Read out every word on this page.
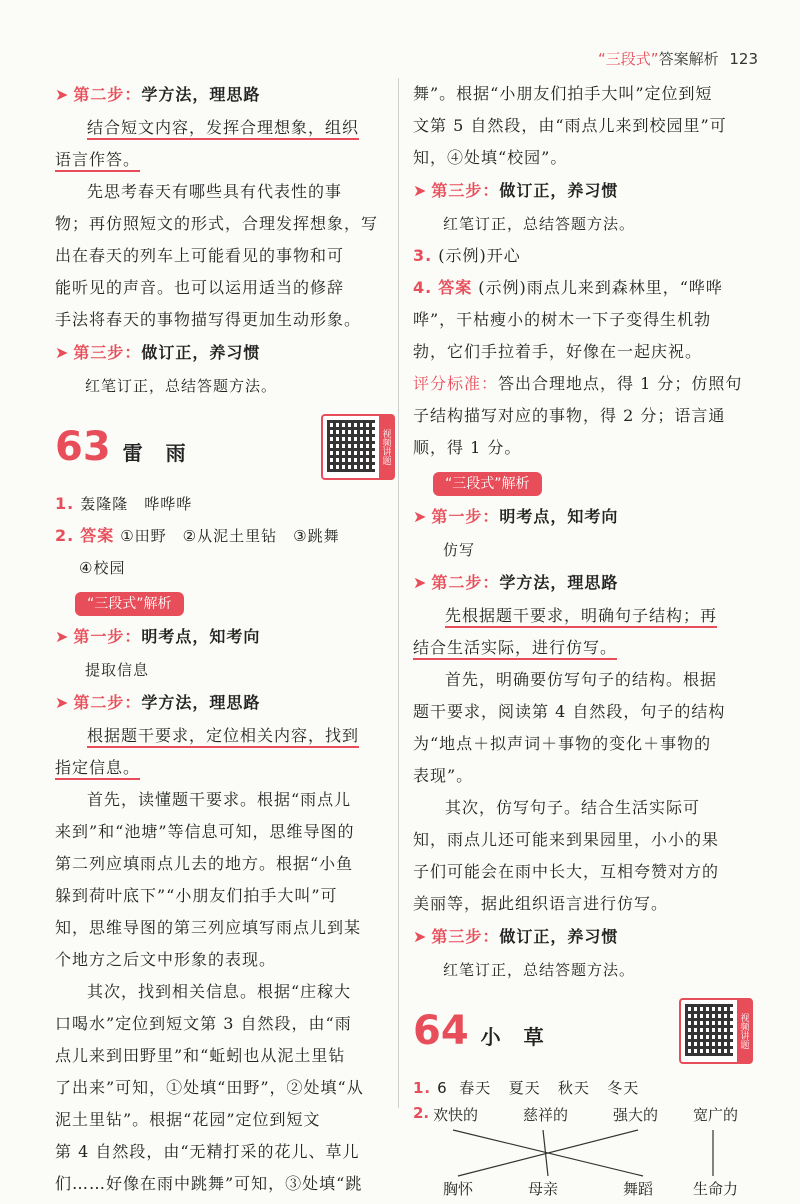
“三段式”答案解析 123
➤ 第二步：学方法，理思路
结合短文内容，发挥合理想象，组织
语言作答。
先思考春天有哪些具有代表性的事
物；再仿照短文的形式，合理发挥想象，写
出在春天的列车上可能看见的事物和可
能听见的声音。也可以运用适当的修辞
手法将春天的事物描写得更加生动形象。
➤ 第三步：做订正，养习惯
红笔订正，总结答题方法。
63 雷 雨	视频讲题
1. 轰隆隆　哗哗哗
2. 答案 ①田野　②从泥土里钻　③跳舞
④校园
“三段式”解析
➤ 第一步：明考点，知考向
提取信息
➤ 第二步：学方法，理思路
根据题干要求，定位相关内容，找到
指定信息。
首先，读懂题干要求。根据“雨点儿
来到”和“池塘”等信息可知，思维导图的
第二列应填雨点儿去的地方。根据“小鱼
躲到荷叶底下”“小朋友们拍手大叫”可
知，思维导图的第三列应填写雨点儿到某
个地方之后文中形象的表现。
其次，找到相关信息。根据“庄稼大
口喝水”定位到短文第 3 自然段，由“雨
点儿来到田野里”和“蚯蚓也从泥土里钻
了出来”可知，①处填“田野”，②处填“从
泥土里钻”。根据“花园”定位到短文
第 4 自然段，由“无精打采的花儿、草儿
们……好像在雨中跳舞”可知，③处填“跳
舞”。根据“小朋友们拍手大叫”定位到短
文第 5 自然段，由“雨点儿来到校园里”可
知，④处填“校园”。
➤ 第三步：做订正，养习惯
红笔订正，总结答题方法。
3. (示例)开心
4. 答案 (示例)雨点儿来到森林里，“哗哗
哗”，干枯瘦小的树木一下子变得生机勃
勃，它们手拉着手，好像在一起庆祝。
评分标准：答出合理地点，得 1 分；仿照句
子结构描写对应的事物，得 2 分；语言通
顺，得 1 分。
“三段式”解析
➤ 第一步：明考点，知考向
仿写
➤ 第二步：学方法，理思路
先根据题干要求，明确句子结构；再
结合生活实际，进行仿写。
首先，明确要仿写句子的结构。根据
题干要求，阅读第 4 自然段，句子的结构
为“地点＋拟声词＋事物的变化＋事物的
表现”。
其次，仿写句子。结合生活实际可
知，雨点儿还可能来到果园里，小小的果
子们可能会在雨中长大，互相夸赞对方的
美丽等，据此组织语言进行仿写。
➤ 第三步：做订正，养习惯
红笔订正，总结答题方法。
64 小 草	视频讲题
1. 6 春天 夏天 秋天 冬天
2. 欢快的	慈祥的	强大的 宽广的
胸怀	母亲	舞蹈	生命力
